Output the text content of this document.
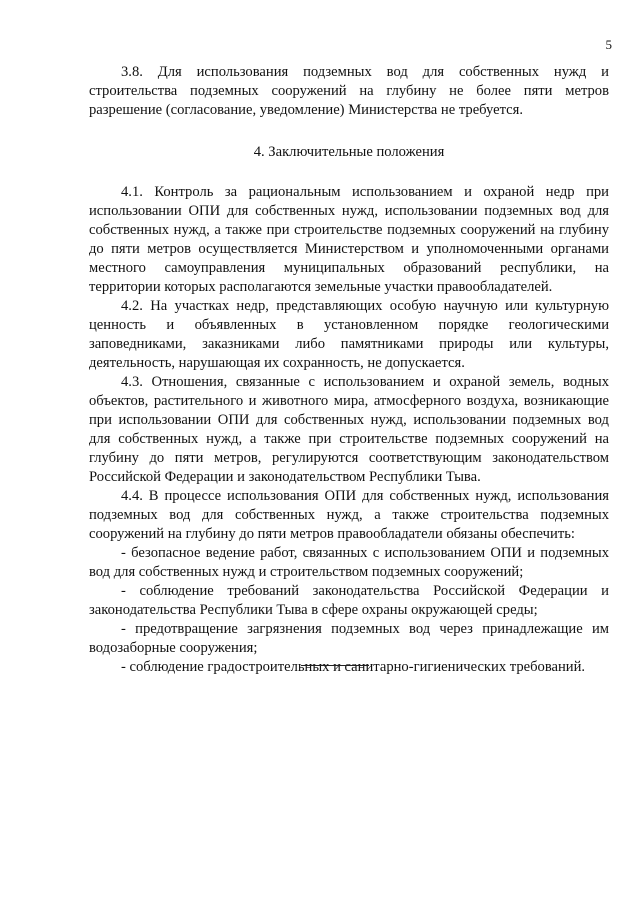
5

3.8. Для использования подземных вод для собственных нужд и строительства подземных сооружений на глубину не более пяти метров разрешение (согласование, уведомление) Министерства не требуется.

4. Заключительные положения

4.1. Контроль за рациональным использованием и охраной недр при использовании ОПИ для собственных нужд, использовании подземных вод для собственных нужд, а также при строительстве подземных сооружений на глубину до пяти метров осуществляется Министерством и уполномоченными органами местного самоуправления муниципальных образований республики, на территории которых располагаются земельные участки правообладателей.

4.2. На участках недр, представляющих особую научную или культурную ценность и объявленных в установленном порядке геологическими заповедниками, заказниками либо памятниками природы или культуры, деятельность, нарушающая их сохранность, не допускается.

4.3. Отношения, связанные с использованием и охраной земель, водных объектов, растительного и животного мира, атмосферного воздуха, возникающие при использовании ОПИ для собственных нужд, использовании подземных вод для собственных нужд, а также при строительстве подземных сооружений на глубину до пяти метров, регулируются соответствующим законодательством Российской Федерации и законодательством Республики Тыва.

4.4. В процессе использования ОПИ для собственных нужд, использования подземных вод для собственных нужд, а также строительства подземных сооружений на глубину до пяти метров правообладатели обязаны обеспечить:

- безопасное ведение работ, связанных с использованием ОПИ и подземных вод для собственных нужд и строительством подземных сооружений;

- соблюдение требований законодательства Российской Федерации и законодательства Республики Тыва в сфере охраны окружающей среды;

- предотвращение загрязнения подземных вод через принадлежащие им водозаборные сооружения;

- соблюдение градостроительных и санитарно-гигиенических требований.
